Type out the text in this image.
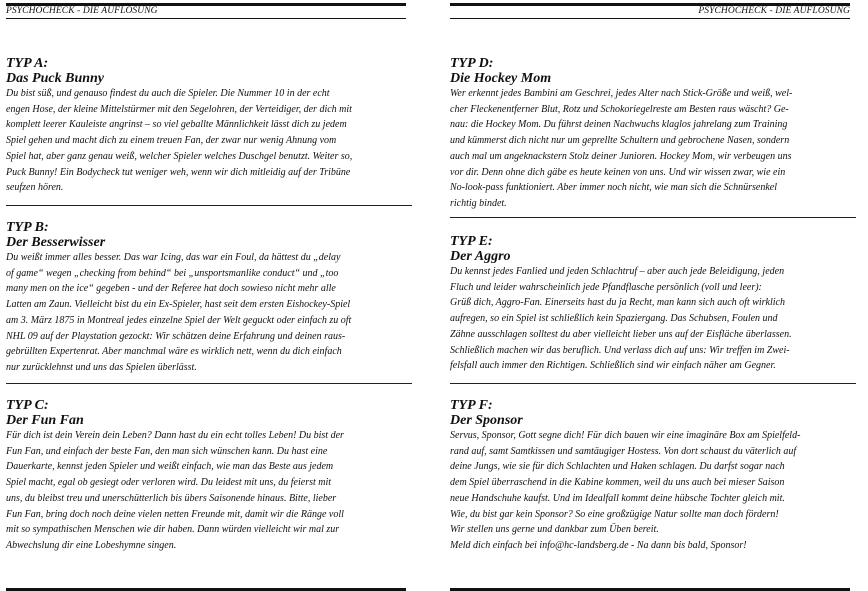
PSYCHOCHECK - DIE AUFLÖSUNG

TYP A:

Das Puck Bunny

Du bist süß, und genauso findest du auch die Spieler. Die Nummer 10 in der echt
engen Hose, der kleine Mittelstürmer mit den Segelohren, der Verteidiger, der dich mit
komplett leerer Kauleiste angrinst – so viel geballte Männlichkeit lässt dich zu jedem
Spiel gehen und macht dich zu einem treuen Fan, der zwar nur wenig Ahnung vom
Spiel hat, aber ganz genau weiß, welcher Spieler welches Duschgel benutzt. Weiter so,
Puck Bunny! Ein Bodycheck tut weniger weh, wenn wir dich mitleidig auf der Tribüne
seufzen hören.

TYP B:

Der Besserwisser

Du weißt immer alles besser. Das war Icing, das war ein Foul, da hättest du „delay
of game“ wegen „checking from behind“ bei „unsportsmanlike conduct“ und „too
many men on the ice“ gegeben - und der Referee hat doch sowieso nicht mehr alle
Latten am Zaun. Vielleicht bist du ein Ex-Spieler, hast seit dem ersten Eishockey-Spiel
am 3. März 1875 in Montreal jedes einzelne Spiel der Welt geguckt oder einfach zu oft
NHL 09 auf der Playstation gezockt: Wir schätzen deine Erfahrung und deinen raus-
gebrüllten Expertenrat. Aber manchmal wäre es wirklich nett, wenn du dich einfach
nur zurücklehnst und uns das Spielen überlässt.

TYP C:

Der Fun Fan

Für dich ist dein Verein dein Leben? Dann hast du ein echt tolles Leben! Du bist der
Fun Fan, und einfach der beste Fan, den man sich wünschen kann. Du hast eine
Dauerkarte, kennst jeden Spieler und weißt einfach, wie man das Beste aus jedem
Spiel macht, egal ob gesiegt oder verloren wird. Du leidest mit uns, du feierst mit
uns, du bleibst treu und unerschütterlich bis übers Saisonende hinaus. Bitte, lieber
Fun Fan, bring doch noch deine vielen netten Freunde mit, damit wir die Ränge voll
mit so sympathischen Menschen wie dir haben. Dann würden vielleicht wir mal zur
Abwechslung dir eine Lobeshymne singen.
PSYCHOCHECK - DIE AUFLÖSUNG

TYP D:

Die Hockey Mom

Wer erkennt jedes Bambini am Geschrei, jedes Alter nach Stick-Größe und weiß, wel-
cher Fleckenentferner Blut, Rotz und Schokoriegelreste am Besten raus wäscht? Ge-
nau: die Hockey Mom. Du führst deinen Nachwuchs klaglos jahrelang zum Training
und kümmerst dich nicht nur um geprellte Schultern und gebrochene Nasen, sondern
auch mal um angeknackstern Stolz deiner Junioren. Hockey Mom, wir verbeugen uns
vor dir. Denn ohne dich gäbe es heute keinen von uns. Und wir wissen zwar, wie ein
No-look-pass funktioniert. Aber immer noch nicht, wie man sich die Schnürsenkel
richtig bindet.

TYP E:

Der Aggro

Du kennst jedes Fanlied und jeden Schlachtruf – aber auch jede Beleidigung, jeden
Fluch und leider wahrscheinlich jede Pfandflasche persönlich (voll und leer):
Grüß dich, Aggro-Fan. Einerseits hast du ja Recht, man kann sich auch oft wirklich
aufregen, so ein Spiel ist schließlich kein Spaziergang. Das Schubsen, Foulen und
Zähne ausschlagen solltest du aber vielleicht lieber uns auf der Eisfläche überlassen.
Schließlich machen wir das beruflich. Und verlass dich auf uns: Wir treffen im Zwei-
felsfall auch immer den Richtigen. Schließlich sind wir einfach näher am Gegner.

TYP F:

Der Sponsor

Servus, Sponsor, Gott segne dich! Für dich bauen wir eine imaginäre Box am Spielfeld-
rand auf, samt Samtkissen und samtäugiger Hostess. Von dort schaust du väterlich auf
deine Jungs, wie sie für dich Schlachten und Haken schlagen. Du darfst sogar nach
dem Spiel überraschend in die Kabine kommen, weil du uns auch bei mieser Saison
neue Handschuhe kaufst. Und im Idealfall kommt deine hübsche Tochter gleich mit.
Wie, du bist gar kein Sponsor? So eine großzügige Natur sollte man doch fördern!
Wir stellen uns gerne und dankbar zum Üben bereit.
Meld dich einfach bei info@hc-landsberg.de - Na dann bis bald, Sponsor!
